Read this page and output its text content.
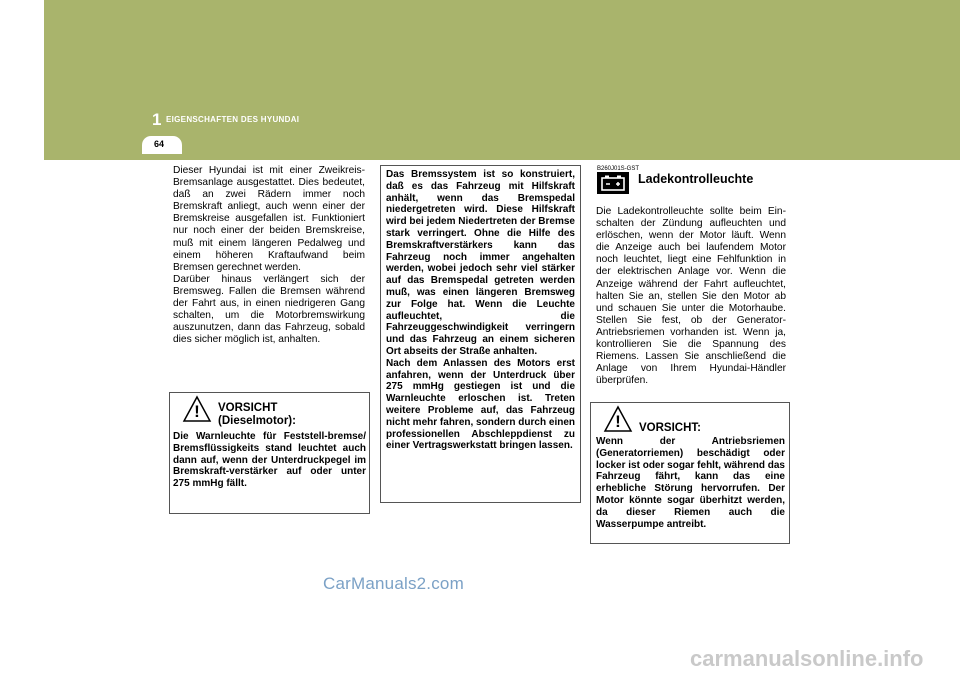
1 EIGENSCHAFTEN DES HYUNDAI
64
Dieser Hyundai ist mit einer Zweikreis-Bremsanlage ausgestattet. Dies bedeutet, daß an zwei Rädern immer noch Bremskraft anliegt, auch wenn einer der Bremskreise ausgefallen ist. Funktioniert nur noch einer der beiden Bremskreise, muß mit einem längeren Pedalweg und einem höheren Kraftaufwand beim Bremsen gerechnet werden.
Darüber hinaus verlängert sich der Bremsweg. Fallen die Bremsen während der Fahrt aus, in einen niedrigeren Gang schalten, um die Motorbremswirkung auszunutzen, dann das Fahrzeug, sobald dies sicher möglich ist, anhalten.
! VORSICHT
(Dieselmotor):
Die Warnleuchte für Feststell-bremse/ Bremsflüssigkeits stand leuchtet auch dann auf, wenn der Unterdruckpegel im Bremskraft-verstärker auf oder unter 275 mmHg fällt.
Das Bremssystem ist so konstruiert, daß es das Fahrzeug mit Hilfskraft anhält, wenn das Bremspedal niedergetreten wird. Diese Hilfskraft wird bei jedem Niedertreten der Bremse stark verringert. Ohne die Hilfe des Bremskraftverstärkers kann das Fahrzeug noch immer angehalten werden, wobei jedoch sehr viel stärker auf das Bremspedal getreten werden muß, was einen längeren Bremsweg zur Folge hat. Wenn die Leuchte aufleuchtet, die Fahrzeuggeschwindigkeit verringern und das Fahrzeug an einem sicheren Ort abseits der Straße anhalten.
Nach dem Anlassen des Motors erst anfahren, wenn der Unterdruck über 275 mmHg gestiegen ist und die Warnleuchte erloschen ist. Treten weitere Probleme auf, das Fahrzeug nicht mehr fahren, sondern durch einen professionellen Abschleppdienst zu einer Vertragswerkstatt bringen lassen.
B260J01S-GST
Ladekontrolleuchte
Die Ladekontrolleuchte sollte beim Ein-schalten der Zündung aufleuchten und erlöschen, wenn der Motor läuft. Wenn die Anzeige auch bei laufendem Motor noch leuchtet, liegt eine Fehlfunktion in der elektrischen Anlage vor. Wenn die Anzeige während der Fahrt aufleuchtet, halten Sie an, stellen Sie den Motor ab und schauen Sie unter die Motorhaube. Stellen Sie fest, ob der Generator-Antriebsriemen vorhanden ist. Wenn ja, kontrollieren Sie die Spannung des Riemens. Lassen Sie anschließend die Anlage von Ihrem Hyundai-Händler überprüfen.
! VORSICHT:
Wenn der Antriebsriemen (Generatorriemen) beschädigt oder locker ist oder sogar fehlt, während das Fahrzeug fährt, kann das eine erhebliche Störung hervorrufen. Der Motor könnte sogar überhitzt werden, da dieser Riemen auch die Wasserpumpe antreibt.
CarManuals2.com
carmanualsonline.info
